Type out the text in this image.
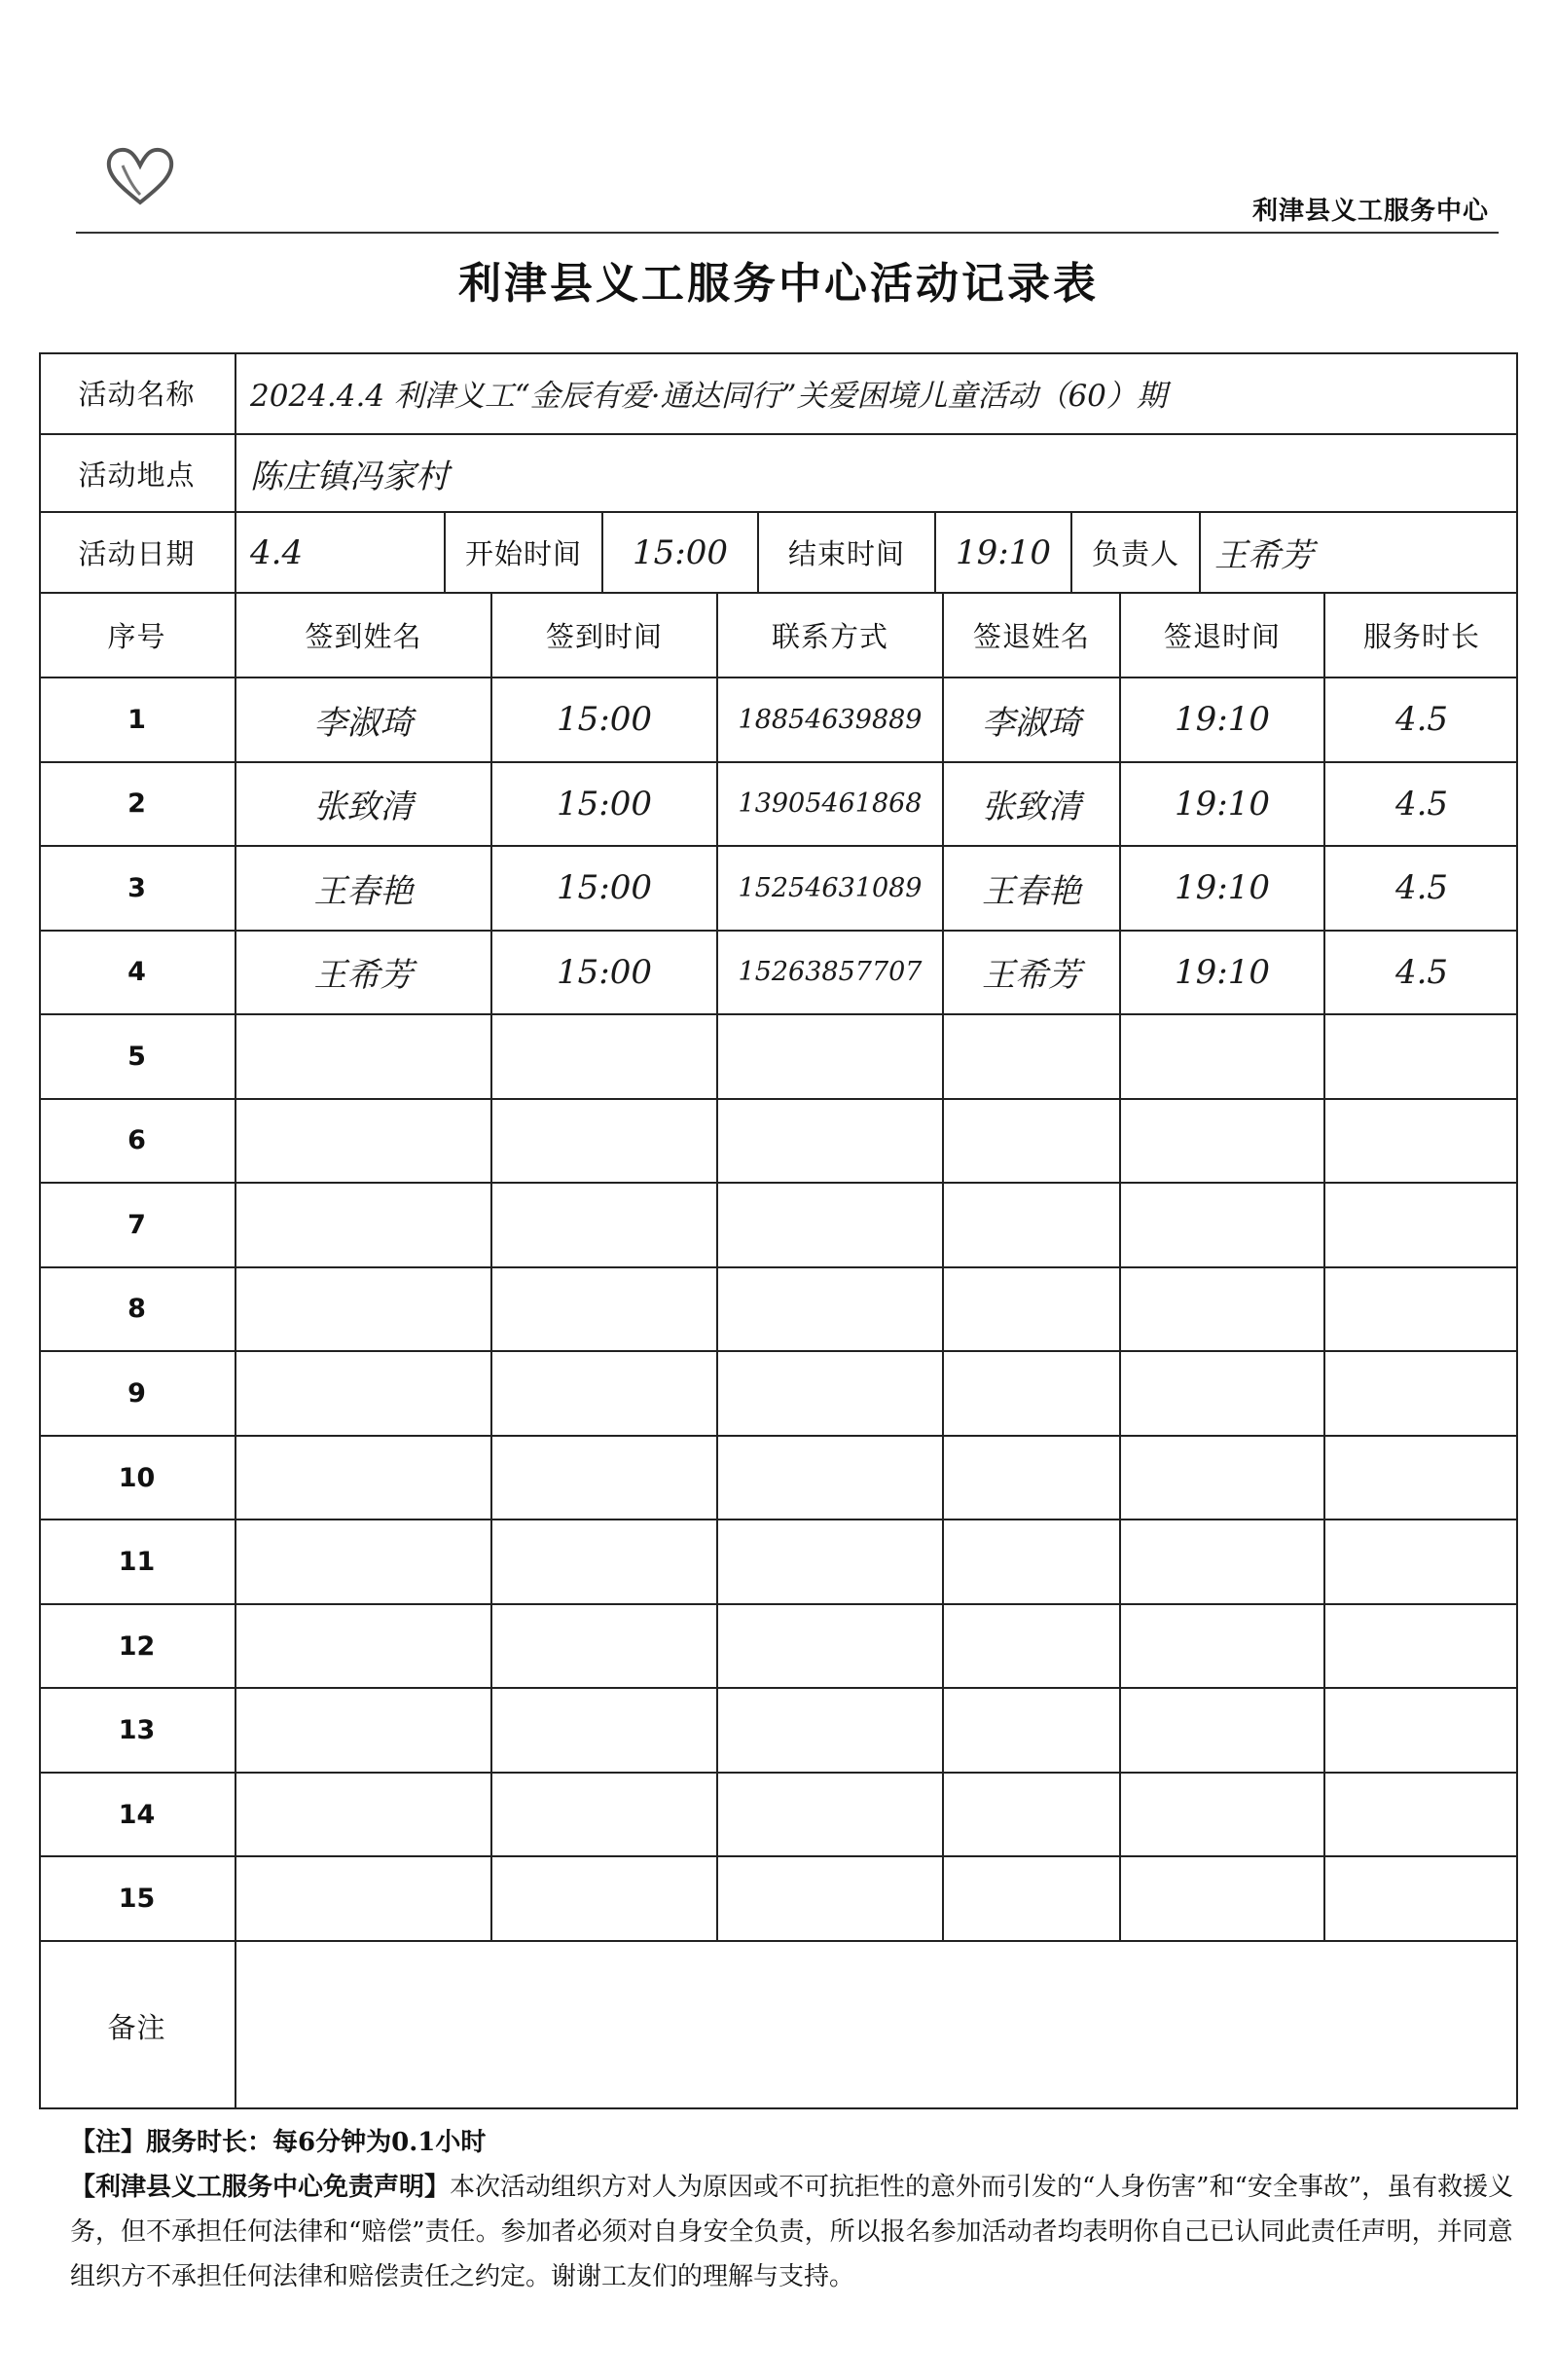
利津县义工服务中心
利津县义工服务中心活动记录表
活动名称	2024.4.4 利津义工“金辰有爱·通达同行”关爱困境儿童活动（60）期
活动地点	陈庄镇冯家村
活动日期	4.4	开始时间	15:00	结束时间	19:10	负责人	王希芳
序号	签到姓名	签到时间	联系方式	签退姓名	签退时间	服务时长
1	李淑琦	15:00	18854639889	李淑琦	19:10	4.5
2	张致清	15:00	13905461868	张致清	19:10	4.5
3	王春艳	15:00	15254631089	王春艳	19:10	4.5
4	王希芳	15:00	15263857707	王希芳	19:10	4.5
5
6
7
8
9
10
11
12
13
14
15
备注
【注】服务时长：每6分钟为0.1小时
【利津县义工服务中心免责声明】本次活动组织方对人为原因或不可抗拒性的意外而引发的“人身伤害”和“安全事故”，虽有救援义务，但不承担任何法律和“赔偿”责任。参加者必须对自身安全负责，所以报名参加活动者均表明你自己已认同此责任声明，并同意组织方不承担任何法律和赔偿责任之约定。谢谢工友们的理解与支持。
